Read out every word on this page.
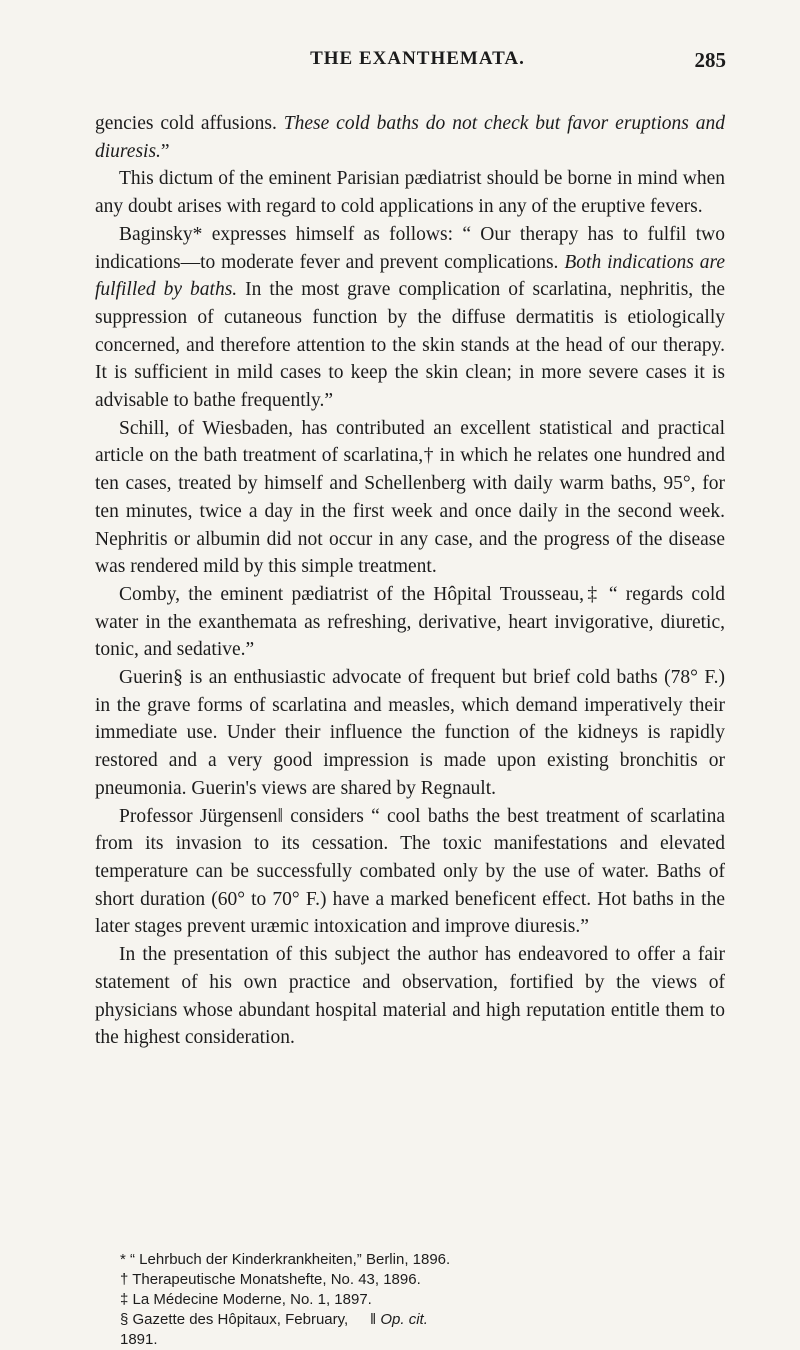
THE EXANTHEMATA.	285

gencies cold affusions. These cold baths do not check but favor eruptions and diuresis.”

This dictum of the eminent Parisian pædiatrist should be borne in mind when any doubt arises with regard to cold applications in any of the eruptive fevers.

Baginsky* expresses himself as follows: “ Our therapy has to fulfil two indications—to moderate fever and prevent complications. Both indications are fulfilled by baths. In the most grave complication of scarlatina, nephritis, the suppression of cutaneous function by the diffuse dermatitis is etiologically concerned, and therefore attention to the skin stands at the head of our therapy. It is sufficient in mild cases to keep the skin clean; in more severe cases it is advisable to bathe frequently.”

Schill, of Wiesbaden, has contributed an excellent statistical and practical article on the bath treatment of scarlatina,† in which he relates one hundred and ten cases, treated by himself and Schellenberg with daily warm baths, 95°, for ten minutes, twice a day in the first week and once daily in the second week. Nephritis or albumin did not occur in any case, and the progress of the disease was rendered mild by this simple treatment.

Comby, the eminent pædiatrist of the Hôpital Trousseau,‡ “ regards cold water in the exanthemata as refreshing, derivative, heart invigorative, diuretic, tonic, and sedative.”

Guerin§ is an enthusiastic advocate of frequent but brief cold baths (78° F.) in the grave forms of scarlatina and measles, which demand imperatively their immediate use. Under their influence the function of the kidneys is rapidly restored and a very good impression is made upon existing bronchitis or pneumonia. Guerin's views are shared by Regnault.

Professor Jürgensen‖ considers “ cool baths the best treatment of scarlatina from its invasion to its cessation. The toxic manifestations and elevated temperature can be successfully combated only by the use of water. Baths of short duration (60° to 70° F.) have a marked beneficent effect. Hot baths in the later stages prevent uræmic intoxication and improve diuresis.”

In the presentation of this subject the author has endeavored to offer a fair statement of his own practice and observation, fortified by the views of physicians whose abundant hospital material and high reputation entitle them to the highest consideration.

* “ Lehrbuch der Kinderkrankheiten,” Berlin, 1896.
† Therapeutische Monatshefte, No. 43, 1896.
‡ La Médecine Moderne, No. 1, 1897.
§ Gazette des Hôpitaux, February, 1891.
‖ Op. cit.
